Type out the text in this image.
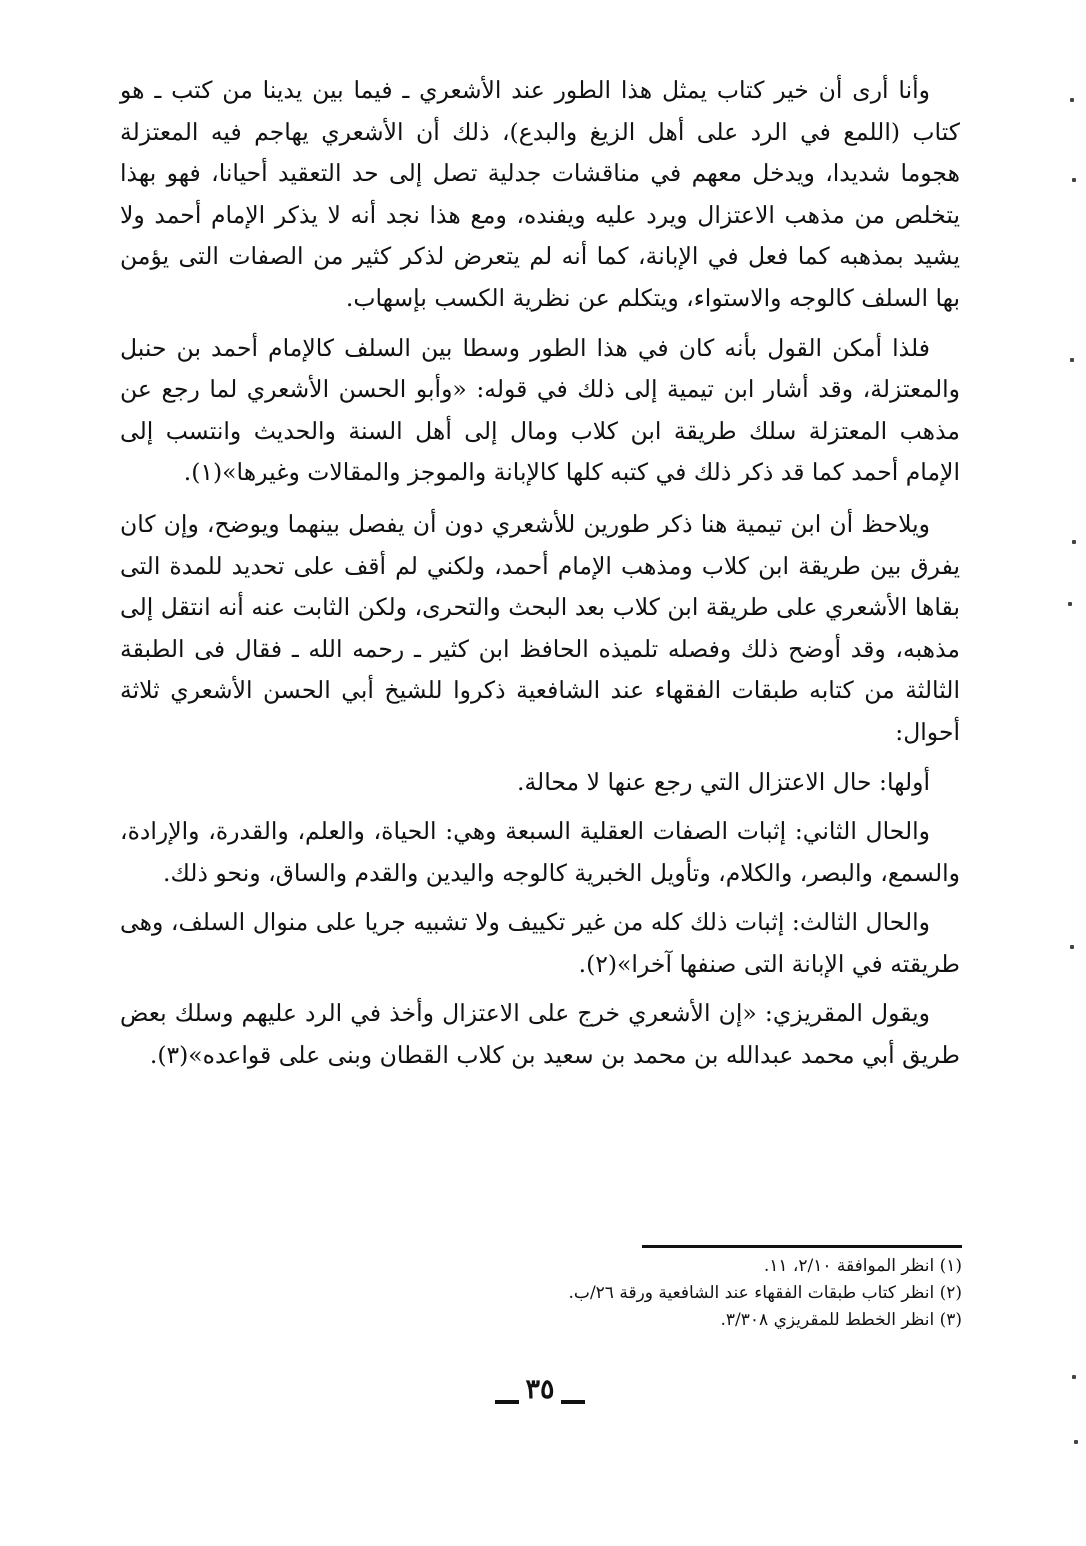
وأنا أرى أن خير كتاب يمثل هذا الطور عند الأشعري ـ فيما بين يدينا من كتب ـ هو كتاب (اللمع في الرد على أهل الزيغ والبدع)، ذلك أن الأشعري يهاجم فيه المعتزلة هجوما شديدا، ويدخل معهم في مناقشات جدلية تصل إلى حد التعقيد أحيانا، فهو بهذا يتخلص من مذهب الاعتزال ويرد عليه ويفنده، ومع هذا نجد أنه لا يذكر الإمام أحمد ولا يشيد بمذهبه كما فعل في الإبانة، كما أنه لم يتعرض لذكر كثير من الصفات التى يؤمن بها السلف كالوجه والاستواء، ويتكلم عن نظرية الكسب بإسهاب.

فلذا أمكن القول بأنه كان في هذا الطور وسطا بين السلف كالإمام أحمد بن حنبل والمعتزلة، وقد أشار ابن تيمية إلى ذلك في قوله: «وأبو الحسن الأشعري لما رجع عن مذهب المعتزلة سلك طريقة ابن كلاب ومال إلى أهل السنة والحديث وانتسب إلى الإمام أحمد كما قد ذكر ذلك في كتبه كلها كالإبانة والموجز والمقالات وغيرها»(١).

ويلاحظ أن ابن تيمية هنا ذكر طورين للأشعري دون أن يفصل بينهما ويوضح، وإن كان يفرق بين طريقة ابن كلاب ومذهب الإمام أحمد، ولكني لم أقف على تحديد للمدة التى بقاها الأشعري على طريقة ابن كلاب بعد البحث والتحرى، ولكن الثابت عنه أنه انتقل إلى مذهبه، وقد أوضح ذلك وفصله تلميذه الحافظ ابن كثير ـ رحمه الله ـ فقال فى الطبقة الثالثة من كتابه طبقات الفقهاء عند الشافعية ذكروا للشيخ أبي الحسن الأشعري ثلاثة أحوال:

أولها: حال الاعتزال التي رجع عنها لا محالة.

والحال الثاني: إثبات الصفات العقلية السبعة وهي: الحياة، والعلم، والقدرة، والإرادة، والسمع، والبصر، والكلام، وتأويل الخبرية كالوجه واليدين والقدم والساق، ونحو ذلك.

والحال الثالث: إثبات ذلك كله من غير تكييف ولا تشبيه جريا على منوال السلف، وهى طريقته في الإبانة التى صنفها آخرا»(٢).

ويقول المقريزي: «إن الأشعري خرج على الاعتزال وأخذ في الرد عليهم وسلك بعض طريق أبي محمد عبدالله بن محمد بن سعيد بن كلاب القطان وبنى على قواعده»(٣).

(١) انظر الموافقة ٢/١٠، ١١.

(٢) انظر كتاب طبقات الفقهاء عند الشافعية ورقة ٢٦/ب.

(٣) انظر الخطط للمقريزي ٣/٣٠٨.

٣٥
